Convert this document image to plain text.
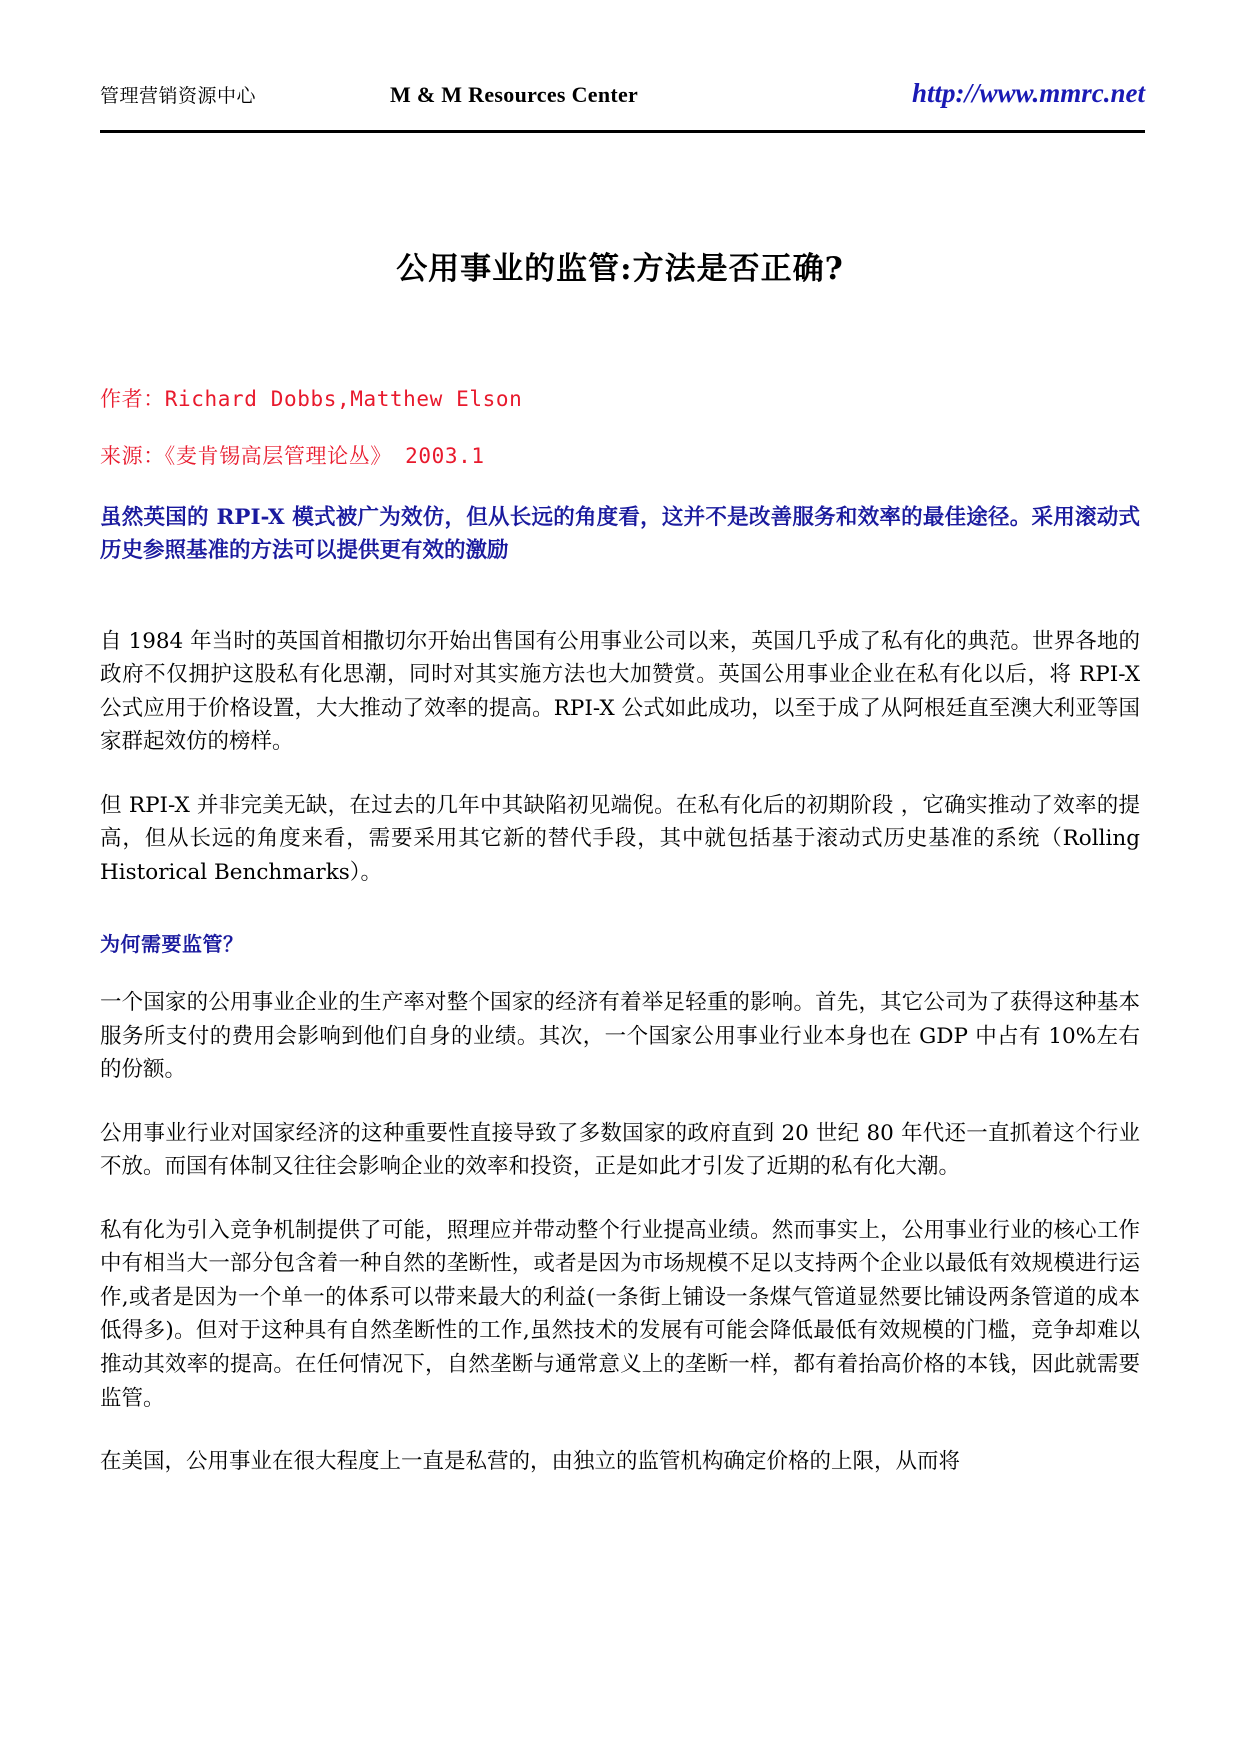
管理营销资源中心	M & M Resources Center	http://www.mmrc.net
公用事业的监管:方法是否正确?
作者：Richard Dobbs,Matthew Elson
来源：《麦肯锡高层管理论丛》 2003.1
虽然英国的 RPI-X 模式被广为效仿，但从长远的角度看，这并不是改善服务和效率的最佳途径。采用滚动式历史参照基准的方法可以提供更有效的激励

自 1984 年当时的英国首相撒切尔开始出售国有公用事业公司以来，英国几乎成了私有化的典范。世界各地的政府不仅拥护这股私有化思潮，同时对其实施方法也大加赞赏。英国公用事业企业在私有化以后，将 RPI-X 公式应用于价格设置，大大推动了效率的提高。RPI-X 公式如此成功，以至于成了从阿根廷直至澳大利亚等国家群起效仿的榜样。

但 RPI-X 并非完美无缺，在过去的几年中其缺陷初见端倪。在私有化后的初期阶段 ，它确实推动了效率的提高，但从长远的角度来看，需要采用其它新的替代手段，其中就包括基于滚动式历史基准的系统（Rolling Historical Benchmarks）。

为何需要监管？

一个国家的公用事业企业的生产率对整个国家的经济有着举足轻重的影响。首先，其它公司为了获得这种基本服务所支付的费用会影响到他们自身的业绩。其次，一个国家公用事业行业本身也在 GDP 中占有 10%左右的份额。

公用事业行业对国家经济的这种重要性直接导致了多数国家的政府直到 20 世纪 80 年代还一直抓着这个行业不放。而国有体制又往往会影响企业的效率和投资，正是如此才引发了近期的私有化大潮。

私有化为引入竞争机制提供了可能，照理应并带动整个行业提高业绩。然而事实上，公用事业行业的核心工作中有相当大一部分包含着一种自然的垄断性，或者是因为市场规模不足以支持两个企业以最低有效规模进行运作,或者是因为一个单一的体系可以带来最大的利益(一条街上铺设一条煤气管道显然要比铺设两条管道的成本低得多)。但对于这种具有自然垄断性的工作,虽然技术的发展有可能会降低最低有效规模的门槛，竞争却难以推动其效率的提高。在任何情况下，自然垄断与通常意义上的垄断一样，都有着抬高价格的本钱，因此就需要监管。

在美国，公用事业在很大程度上一直是私营的，由独立的监管机构确定价格的上限，从而将
